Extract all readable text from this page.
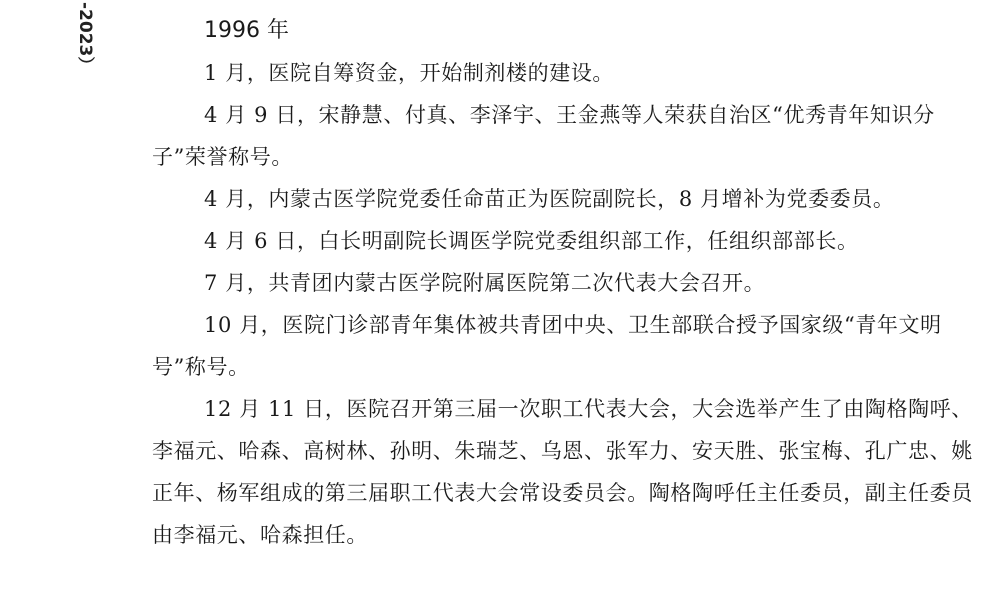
-2023）	1996 年

1 月，医院自筹资金，开始制剂楼的建设。

4 月 9 日，宋静慧、付真、李泽宇、王金燕等人荣获自治区“优秀青年知识分子”荣誉称号。

4 月，内蒙古医学院党委任命苗正为医院副院长，8 月增补为党委委员。

4 月 6 日，白长明副院长调医学院党委组织部工作，任组织部部长。

7 月，共青团内蒙古医学院附属医院第二次代表大会召开。

10 月，医院门诊部青年集体被共青团中央、卫生部联合授予国家级“青年文明号”称号。

12 月 11 日，医院召开第三届一次职工代表大会，大会选举产生了由陶格陶呼、李福元、哈森、高树林、孙明、朱瑞芝、乌恩、张军力、安天胜、张宝梅、孔广忠、姚正年、杨军组成的第三届职工代表大会常设委员会。陶格陶呼任主任委员，副主任委员由李福元、哈森担任。
